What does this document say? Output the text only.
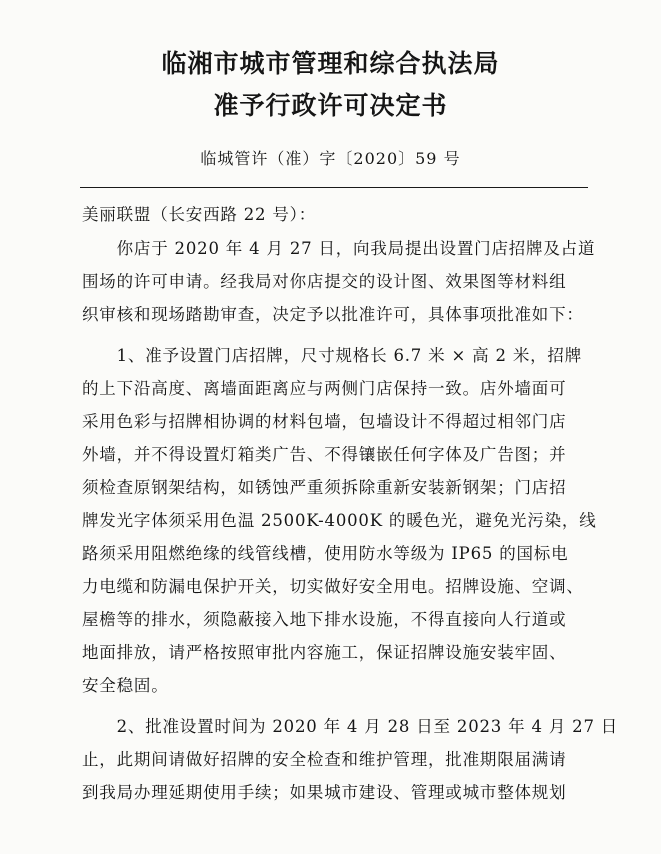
临湘市城市管理和综合执法局
准予行政许可决定书
临城管许（准）字〔2020〕59 号
美丽联盟（长安西路 22 号）：
　　你店于 2020 年 4 月 27 日，向我局提出设置门店招牌及占道
围场的许可申请。经我局对你店提交的设计图、效果图等材料组
织审核和现场踏勘审查，决定予以批准许可，具体事项批准如下：
　　1、准予设置门店招牌，尺寸规格长 6.7 米 × 高 2 米，招牌
的上下沿高度、离墙面距离应与两侧门店保持一致。店外墙面可
采用色彩与招牌相协调的材料包墙，包墙设计不得超过相邻门店
外墙，并不得设置灯箱类广告、不得镶嵌任何字体及广告图；并
须检查原钢架结构，如锈蚀严重须拆除重新安装新钢架；门店招
牌发光字体须采用色温 2500K-4000K 的暖色光，避免光污染，线
路须采用阻燃绝缘的线管线槽，使用防水等级为 IP65 的国标电
力电缆和防漏电保护开关，切实做好安全用电。招牌设施、空调、
屋檐等的排水，须隐蔽接入地下排水设施，不得直接向人行道或
地面排放，请严格按照审批内容施工，保证招牌设施安装牢固、
安全稳固。
　　2、批准设置时间为 2020 年 4 月 28 日至 2023 年 4 月 27 日
止，此期间请做好招牌的安全检查和维护管理，批准期限届满请
到我局办理延期使用手续；如果城市建设、管理或城市整体规划
